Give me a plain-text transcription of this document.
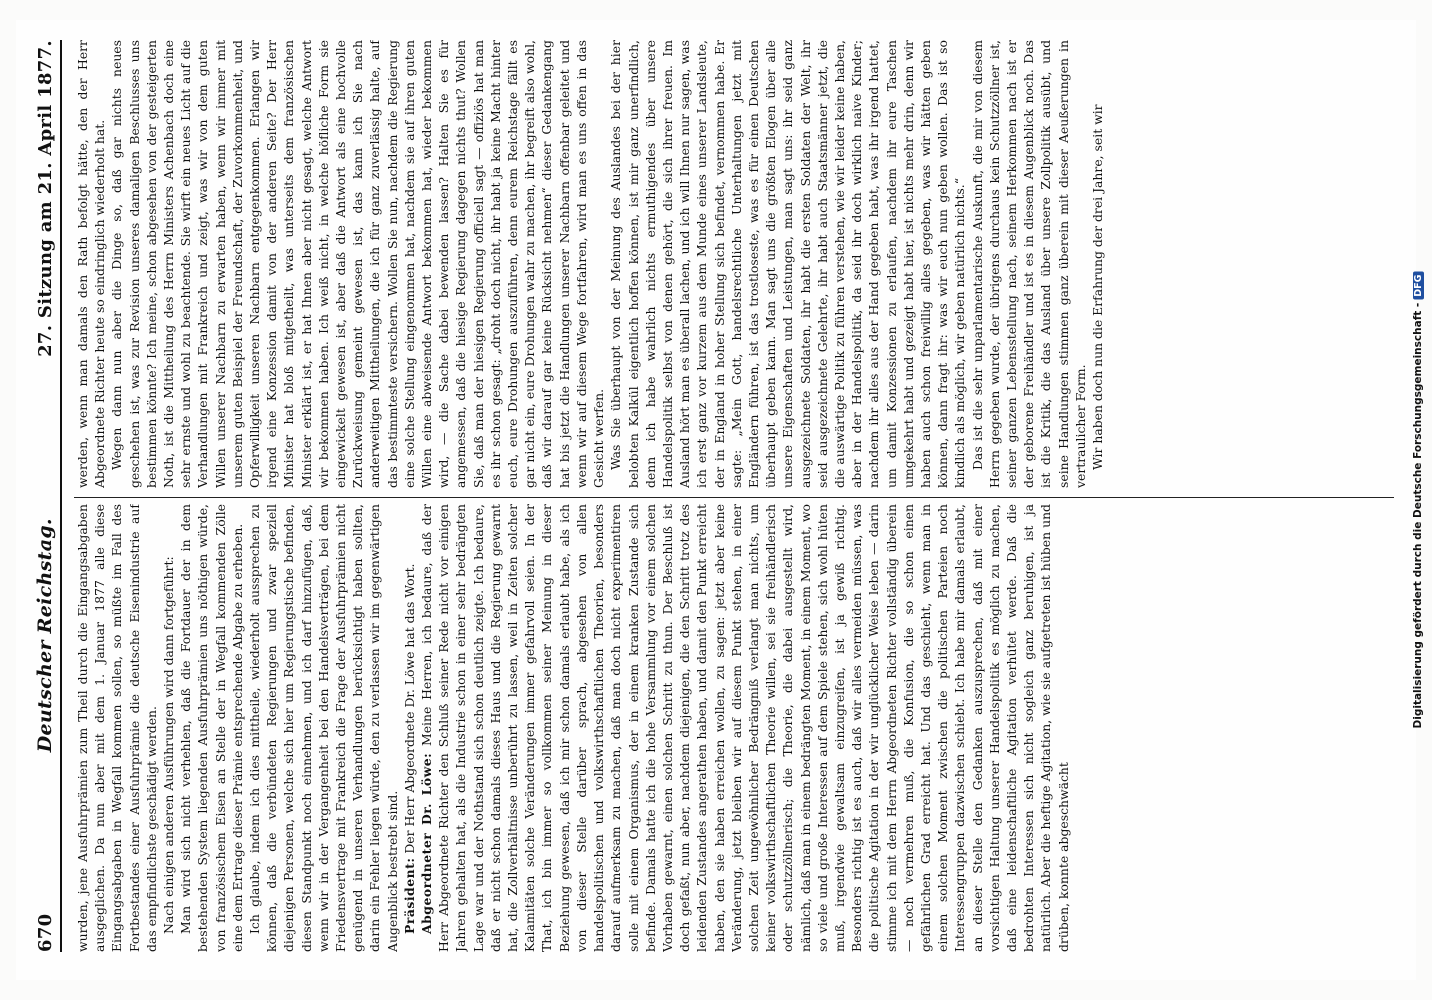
670
Deutscher Reichstag.
27. Sitzung am 21. April 1877.

wurden, jene Ausfuhrprämien zum Theil durch die Eingangsabgaben ausgeglichen. Da nun aber mit dem 1. Januar 1877 alle diese Eingangsabgaben in Wegfall kommen sollen, so müßte im Fall des Fortbestandes einer Ausfuhrprämie die deutsche Eisenindustrie auf das empfindlichste geschädigt werden. Nach einigen anderen Ausführungen wird dann fortgeführt: Man wird sich nicht verhehlen, daß die Fortdauer der in dem bestehenden System liegenden Ausfuhrprämien uns nöthigen würde, von französischem Eisen an Stelle der in Wegfall kommenden Zölle eine dem Ertrage dieser Prämie entsprechende Abgabe zu erheben. Ich glaube, indem ich dies mittheile, wiederholt aussprechen zu können, daß die verbündeten Regierungen und zwar speziell diejenigen Personen, welche sich hier um Regierungstische befinden, diesen Standpunkt noch einnehmen, und ich darf hinzufügen, daß, wenn wir in der Vergangenheit bei den Handelsverträgen, bei dem Friedensvertrage mit Frankreich die Frage der Ausfuhrprämien nicht genügend in unseren Verhandlungen berücksichtigt haben sollten, darin ein Fehler liegen würde, den zu verlassen wir im gegenwärtigen Augenblick bestrebt sind. Präsident: Der Herr Abgeordnete Dr. Löwe hat das Wort. Abgeordneter Dr. Löwe: Meine Herren, ich bedaure, daß der Herr Abgeordnete Richter den Schluß seiner Rede nicht vor einigen Jahren gehalten hat, als die Industrie schon in einer sehr bedrängten Lage war und der Nothstand sich schon deutlich zeigte. Ich bedaure, daß er nicht schon damals dieses Haus und die Regierung gewarnt hat, die Zollverhältnisse unberührt zu lassen, weil in Zeiten solcher Kalamitäten solche Veränderungen immer gefahrvoll seien. In der That, ich bin immer so vollkommen seiner Meinung in dieser Beziehung gewesen, daß ich mir schon damals erlaubt habe, als ich von dieser Stelle darüber sprach, abgesehen von allen handelspolitischen und volkswirthschaftlichen Theorien, besonders darauf aufmerksam zu machen, daß man doch nicht experimentiren solle mit einem Organismus, der in einem kranken Zustande sich befinde. Damals hatte ich die hohe Versammlung vor einem solchen Vorhaben gewarnt, einen solchen Schritt zu thun. Der Beschluß ist doch gefaßt, nun aber, nachdem diejenigen, die den Schritt trotz des leidenden Zustandes angerathen haben, und damit den Punkt erreicht haben, den sie haben erreichen wollen, zu sagen: jetzt aber keine Veränderung, jetzt bleiben wir auf diesem Punkt stehen, in einer solchen Zeit ungewöhnlicher Bedrängniß verlangt man nichts, um keiner volkswirthschaftlichen Theorie willen, sei sie freihändlerisch oder schutzzöllnerisch; die Theorie, die dabei ausgestellt wird, nämlich, daß man in einem bedrängten Moment, in einem Moment, wo so viele und große Interessen auf dem Spiele stehen, sich wohl hüten muß, irgendwie gewaltsam einzugreifen, ist ja gewiß richtig. Besonders richtig ist es auch, daß wir alles vermeiden müssen, was die politische Agitation in der wir unglücklicher Weise leben — darin stimme ich mit dem Herrn Abgeordneten Richter vollständig überein — noch vermehren muß, die Konfusion, die so schon einen gefährlichen Grad erreicht hat. Und das geschieht, wenn man in einem solchen Moment zwischen die politischen Parteien noch Interessengruppen dazwischen schiebt. Ich habe mir damals erlaubt, an dieser Stelle den Gedanken auszusprechen, daß mit einer vorsichtigen Haltung unserer Handelspolitik es möglich zu machen, daß eine leidenschaftliche Agitation verhütet werde. Daß die bedrohten Interessen sich nicht sogleich ganz beruhigen, ist ja natürlich. Aber die heftige Agitation, wie sie aufgetreten ist hüben und drüben, konnte abgeschwächt

werden, wenn man damals den Rath befolgt hätte, den der Herr Abgeordnete Richter heute so eindringlich wiederholt hat. Wegen dann nun aber die Dinge so, daß gar nichts neues geschehen ist, was zur Revision unseres damaligen Beschlusses uns bestimmen könnte? Ich meine, schon abgesehen von der gesteigerten Noth, ist die Mittheilung des Herrn Ministers Achenbach doch eine sehr ernste und wohl zu beachtende. Sie wirft ein neues Licht auf die Verhandlungen mit Frankreich und zeigt, was wir von dem guten Willen unserer Nachbarn zu erwarten haben, wenn wir immer mit unserem guten Beispiel der Freundschaft, der Zuvorkommenheit, und Opferwilligkeit unseren Nachbarn entgegenkommen. Erlangen wir irgend eine Konzession damit von der anderen Seite? Der Herr Minister hat bloß mitgetheilt, was unterseits dem französischen Minister erklärt ist, er hat Ihnen aber nicht gesagt, welche Antwort wir bekommen haben. Ich weiß nicht, in welche höfliche Form sie eingewickelt gewesen ist, aber daß die Antwort als eine hochvolle Zurückweisung gemeint gewesen ist, das kann ich Sie nach anderweitigen Mittheilungen, die ich für ganz zuverlässig halte, auf das bestimmteste versichern. Wollen Sie nun, nachdem die Regierung eine solche Stellung eingenommen hat, nachdem sie auf ihren guten Willen eine abweisende Antwort bekommen hat, wieder bekommen wird, — die Sache dabei bewenden lassen? Halten Sie es für angemessen, daß die hiesige Regierung dagegen nichts thut? Wollen Sie, daß man der hiesigen Regierung officiell sagt — offiziös hat man es ihr schon gesagt: „droht doch nicht, ihr habt ja keine Macht hinter euch, eure Drohungen auszuführen, denn eurem Reichstage fällt es gar nicht ein, eure Drohungen wahr zu machen, ihr begreift also wohl, daß wir darauf gar keine Rücksicht nehmen“ dieser Gedankengang hat bis jetzt die Handlungen unserer Nachbarn offenbar geleitet und wenn wir auf diesem Wege fortfahren, wird man es uns offen in das Gesicht werfen. Was Sie überhaupt von der Meinung des Auslandes bei der hier belobten Kalkül eigentlich hoffen können, ist mir ganz unerfindlich, denn ich habe wahrlich nichts ermuthigendes über unsere Handelspolitik selbst von denen gehört, die sich ihrer freuen. Im Ausland hört man es überall lachen, und ich will Ihnen nur sagen, was ich erst ganz vor kurzem aus dem Munde eines unserer Landsleute, der in England in hoher Stellung sich befindet, vernommen habe. Er sagte: „Mein Gott, handelsrechtliche Unterhaltungen jetzt mit Engländern führen, ist das trostloseste, was es für einen Deutschen überhaupt geben kann. Man sagt uns die größten Elogen über alle unsere Eigenschaften und Leistungen, man sagt uns: ihr seid ganz ausgezeichnete Soldaten, ihr habt die ersten Soldaten der Welt, ihr seid ausgezeichnete Gelehrte, ihr habt auch Staatsmänner jetzt, die die auswärtige Politik zu führen verstehen, wie wir leider keine haben, aber in der Handelspolitik, da seid ihr doch wirklich naive Kinder; nachdem ihr alles aus der Hand gegeben habt, was ihr irgend hattet, um damit Konzessionen zu erlaufen, nachdem ihr eure Taschen umgekehrt habt und gezeigt habt hier, ist nichts mehr drin, denn wir haben auch schon freiwillig alles gegeben, was wir hätten geben können, dann fragt ihr: was wir euch nun geben wollen. Das ist so kindlich als möglich, wir geben natürlich nichts.“ Das ist die sehr unparlamentarische Auskunft, die mir von diesem Herrn gegeben wurde, der übrigens durchaus kein Schutzzöllner ist, seiner ganzen Lebensstellung nach, seinem Herkommen nach ist er der geborene Freihändler und ist es in diesem Augenblick noch. Das ist die Kritik, die das Ausland über unsere Zollpolitik ausübt, und seine Handlungen stimmen ganz überein mit dieser Aeußerungen in vertraulicher Form. Wir haben doch nun die Erfahrung der drei Jahre, seit wir

Digitalisierung gefördert durch die Deutsche Forschungsgemeinschaft -DFG
